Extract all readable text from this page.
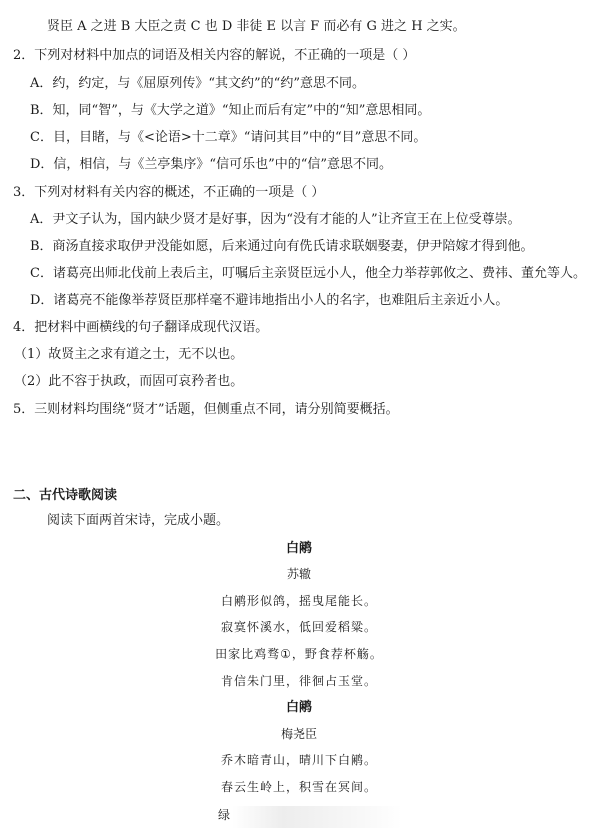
贤臣 A 之进 B 大臣之责 C 也 D 非徒 E 以言 F 而必有 G 进之 H 之实。
2．下列对材料中加点的词语及相关内容的解说，不正确的一项是（ ）
A．约，约定，与《屈原列传》“其文约”的“约”意思不同。
B．知，同“智”，与《大学之道》“知止而后有定”中的“知”意思相同。
C．目，目睹，与《<论语>十二章》“请问其目”中的“目”意思不同。
D．信，相信，与《兰亭集序》“信可乐也”中的“信”意思不同。
3．下列对材料有关内容的概述，不正确的一项是（ ）
A．尹文子认为，国内缺少贤才是好事，因为“没有才能的人”让齐宣王在上位受尊崇。
B．商汤直接求取伊尹没能如愿，后来通过向有侁氏请求联姻娶妻，伊尹陪嫁才得到他。
C．诸葛亮出师北伐前上表后主，叮嘱后主亲贤臣远小人，他全力举荐郭攸之、费祎、董允等人。
D．诸葛亮不能像举荐贤臣那样毫不避讳地指出小人的名字，也难阻后主亲近小人。
4．把材料中画横线的句子翻译成现代汉语。
（1）故贤主之求有道之士，无不以也。
（2）此不容于执政，而固可哀矜者也。
5．三则材料均围绕“贤才”话题，但侧重点不同，请分别简要概括。
二、古代诗歌阅读
阅读下面两首宋诗，完成小题。
白鹇
苏辙
白鹇形似鸽，摇曳尾能长。
寂寞怀溪水，低回爱稻粱。
田家比鸡骛①，野食荐杯觞。
肯信朱门里，徘徊占玉堂。
白鹇
梅尧臣
乔木暗青山，晴川下白鹇。
春云生岭上，积雪在冥间。
绿
